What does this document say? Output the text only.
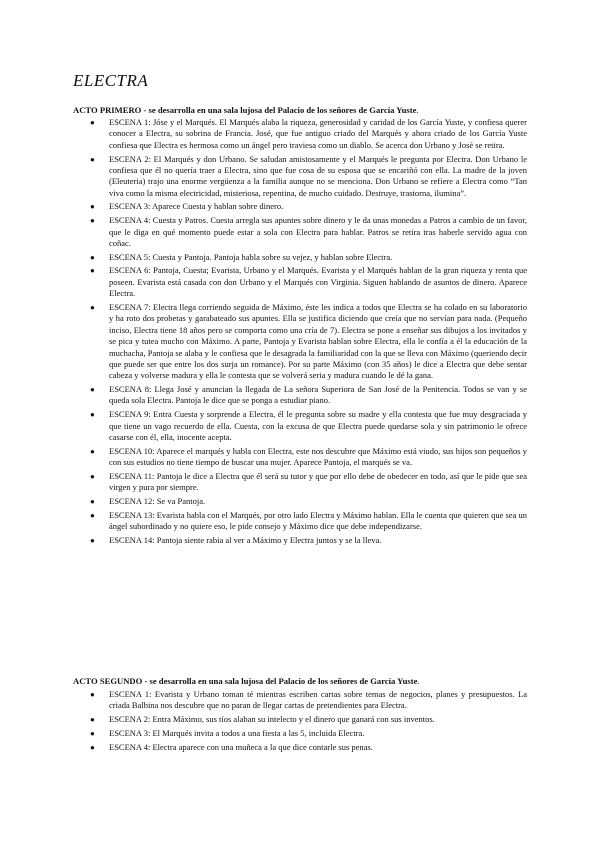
ELECTRA

ACTO PRIMERO - se desarrolla en una sala lujosa del Palacio de los señores de García Yuste.

● ESCENA 1: Jóse y el Marqués. El Marqués alaba la riqueza, generosidad y caridad de los García Yuste, y confiesa querer conocer a Electra, su sobrina de Francia. José, que fue antiguo criado del Marqués y ahora criado de los García Yuste confiesa que Electra es hermosa como un ángel pero traviesa como un diablo. Se acerca don Urbano y José se retira.
● ESCENA 2: El Marqués y don Urbano. Se saludan amistosamente y el Marqués le pregunta por Electra. Don Urbano le confiesa que él no quería traer a Electra, sino que fue cosa de su esposa que se encariñó con ella. La madre de la joven (Eleuteria) trajo una enorme vergüenza a la familia aunque no se menciona. Don Urbano se refiere a Electra como “Tan viva como la misma electricidad, misteriosa, repentina, de mucho cuidado. Destruye, trastorna, ilumina”.
● ESCENA 3: Aparece Cuesta y hablan sobre dinero.
● ESCENA 4: Cuesta y Patros. Cuesta arregla sus apuntes sobre dinero y le da unas monedas a Patros a cambio de un favor, que le diga en qué momento puede estar a sola con Electra para hablar. Patros se retira tras haberle servido agua con coñac.
● ESCENA 5: Cuesta y Pantoja. Pantoja habla sobre su vejez, y hablan sobre Electra.
● ESCENA 6: Pantoja, Cuesta; Evarista, Urbano y el Marqués. Evarista y el Marqués hablan de la gran riqueza y renta que poseen. Evarista está casada con don Urbano y el Marqués con Virginia. Siguen hablando de asuntos de dinero. Aparece Electra.
● ESCENA 7: Electra llega corriendo seguida de Máximo, éste les indica a todos que Electra se ha colado en su laboratorio y ha roto dos probetas y garabateado sus apuntes. Ella se justifica diciendo que creía que no servían para nada. (Pequeño inciso, Electra tiene 18 años pero se comporta como una cría de 7). Electra se pone a enseñar sus dibujos a los invitados y se pica y tutea mucho con Máximo. A parte, Pantoja y Evarista hablan sobre Electra, ella le confía a él la educación de la muchacha, Pantoja se alaba y le confiesa que le desagrada la familiaridad con la que se lleva con Máximo (queriendo decir que puede ser que entre los dos surja un romance). Por su parte Máximo (con 35 años) le dice a Electra que debe sentar cabeza y volverse madura y ella le contesta que se volverá seria y madura cuando le dé la gana.
● ESCENA 8: Llega José y anuncian la llegada de La señora Superiora de San José de la Penitencia. Todos se van y se queda sola Electra. Pantoja le dice que se ponga a estudiar piano.
● ESCENA 9: Entra Cuesta y sorprende a Electra, él le pregunta sobre su madre y ella contesta que fue muy desgraciada y que tiene un vago recuerdo de ella. Cuesta, con la excusa de que Electra puede quedarse sola y sin patrimonio le ofrece casarse con él, ella, inocente acepta.
● ESCENA 10: Aparece el marqués y habla con Electra, este nos descubre que Máximo está viudo, sus hijos son pequeños y con sus estudios no tiene tiempo de buscar una mujer. Aparece Pantoja, el marqués se va.
● ESCENA 11: Pantoja le dice a Electra que él será su tutor y que por ello debe de obedecer en todo, así que le pide que sea virgen y pura por siempre.
● ESCENA 12: Se va Pantoja.
● ESCENA 13: Evarista habla con el Marqués, por otro lado Electra y Máximo hablan. Ella le cuenta que quieren que sea un ángel subordinado y no quiere eso, le pide consejo y Máximo dice que debe independizarse.
● ESCENA 14: Pantoja siente rabia al ver a Máximo y Electra juntos y se la lleva.

ACTO SEGUNDO - se desarrolla en una sala lujosa del Palacio de los señores de García Yuste.

● ESCENA 1: Evarista y Urbano toman té mientras escriben cartas sobre temas de negocios, planes y presupuestos. La criada Balbina nos descubre que no paran de llegar cartas de pretendientes para Electra.
● ESCENA 2: Entra Máximo, sus tíos alaban su intelecto y el dinero que ganará con sus inventos.
● ESCENA 3: El Marqués invita a todos a una fiesta a las 5, incluida Electra.
● ESCENA 4: Electra aparece con una muñeca a la que dice contarle sus penas.
